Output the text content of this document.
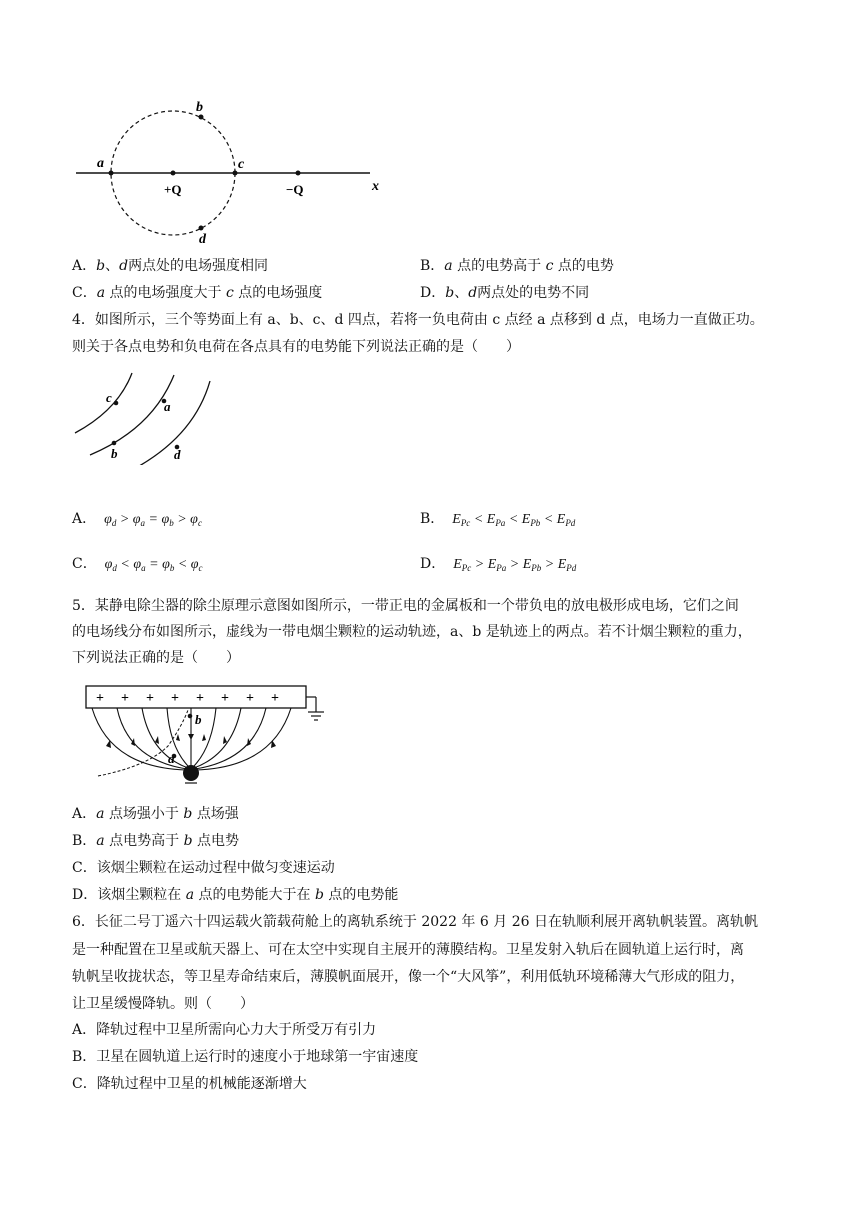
a
b
c
d
+Q	−Q	x
A．b、d两点处的电场强度相同	B．a 点的电势高于 c 点的电势
C．a 点的电场强度大于 c 点的电场强度	D．b、d两点处的电势不同
4．如图所示，三个等势面上有 a、b、c、d 四点，若将一负电荷由 c 点经 a 点移到 d 点，电场力一直做正功。
则关于各点电势和负电荷在各点具有的电势能下列说法正确的是（　　）
c
a
b	d
A．  $\varphi_d > \varphi_a = \varphi_b > \varphi_c$	B．  $E_{Pc} < E_{Pa} < E_{Pb} < E_{Pd}$
C．  $\varphi_d < \varphi_a = \varphi_b < \varphi_c$	D．  $E_{Pc} > E_{Pa} > E_{Pb} > E_{Pd}$
5．某静电除尘器的除尘原理示意图如图所示，一带正电的金属板和一个带负电的放电极形成电场，它们之间
的电场线分布如图所示，虚线为一带电烟尘颗粒的运动轨迹，a、b 是轨迹上的两点。若不计烟尘颗粒的重力，
下列说法正确的是（　　）
+ + + + + + + +
a
b
A．a 点场强小于 b 点场强
B．a 点电势高于 b 点电势
C．该烟尘颗粒在运动过程中做匀变速运动
D．该烟尘颗粒在 a 点的电势能大于在 b 点的电势能
6．长征二号丁遥六十四运载火箭载荷舱上的离轨系统于 2022 年 6 月 26 日在轨顺利展开离轨帆装置。离轨帆
是一种配置在卫星或航天器上、可在太空中实现自主展开的薄膜结构。卫星发射入轨后在圆轨道上运行时，离
轨帆呈收拢状态，等卫星寿命结束后，薄膜帆面展开，像一个“大风筝”，利用低轨环境稀薄大气形成的阻力，
让卫星缓慢降轨。则（　　）
A．降轨过程中卫星所需向心力大于所受万有引力
B．卫星在圆轨道上运行时的速度小于地球第一宇宙速度
C．降轨过程中卫星的机械能逐渐增大
